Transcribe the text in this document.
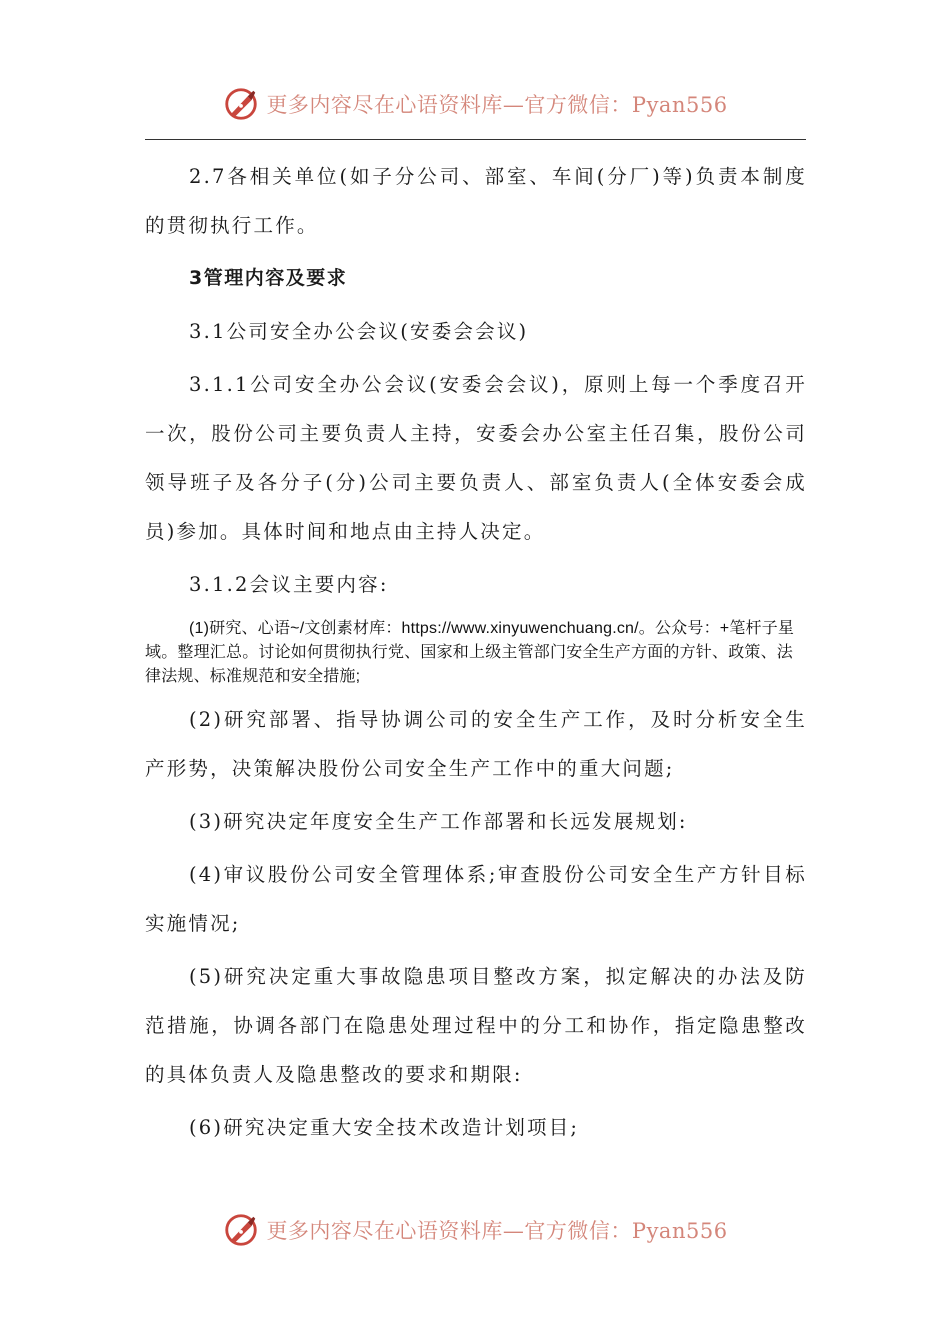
更多内容尽在心语资料库—官方微信：Pyan556

2.7各相关单位(如子分公司、部室、车间(分厂)等)负责本制度的贯彻执行工作。

3管理内容及要求

3.1公司安全办公会议(安委会会议)

3.1.1公司安全办公会议(安委会会议)，原则上每一个季度召开一次，股份公司主要负责人主持，安委会办公室主任召集，股份公司领导班子及各分子(分)公司主要负责人、部室负责人(全体安委会成员)参加。具体时间和地点由主持人决定。

3.1.2会议主要内容:

(1)研究、心语~/文创素材库：https://www.xinyuwenchuang.cn/。公众号：+笔杆子星域。整理汇总。讨论如何贯彻执行党、国家和上级主管部门安全生产方面的方针、政策、法律法规、标准规范和安全措施;

(2)研究部署、指导协调公司的安全生产工作，及时分析安全生产形势，决策解决股份公司安全生产工作中的重大问题;

(3)研究决定年度安全生产工作部署和长远发展规划:

(4)审议股份公司安全管理体系;审查股份公司安全生产方针目标实施情况;

(5)研究决定重大事故隐患项目整改方案，拟定解决的办法及防范措施，协调各部门在隐患处理过程中的分工和协作，指定隐患整改的具体负责人及隐患整改的要求和期限:

(6)研究决定重大安全技术改造计划项目;

更多内容尽在心语资料库—官方微信：Pyan556
